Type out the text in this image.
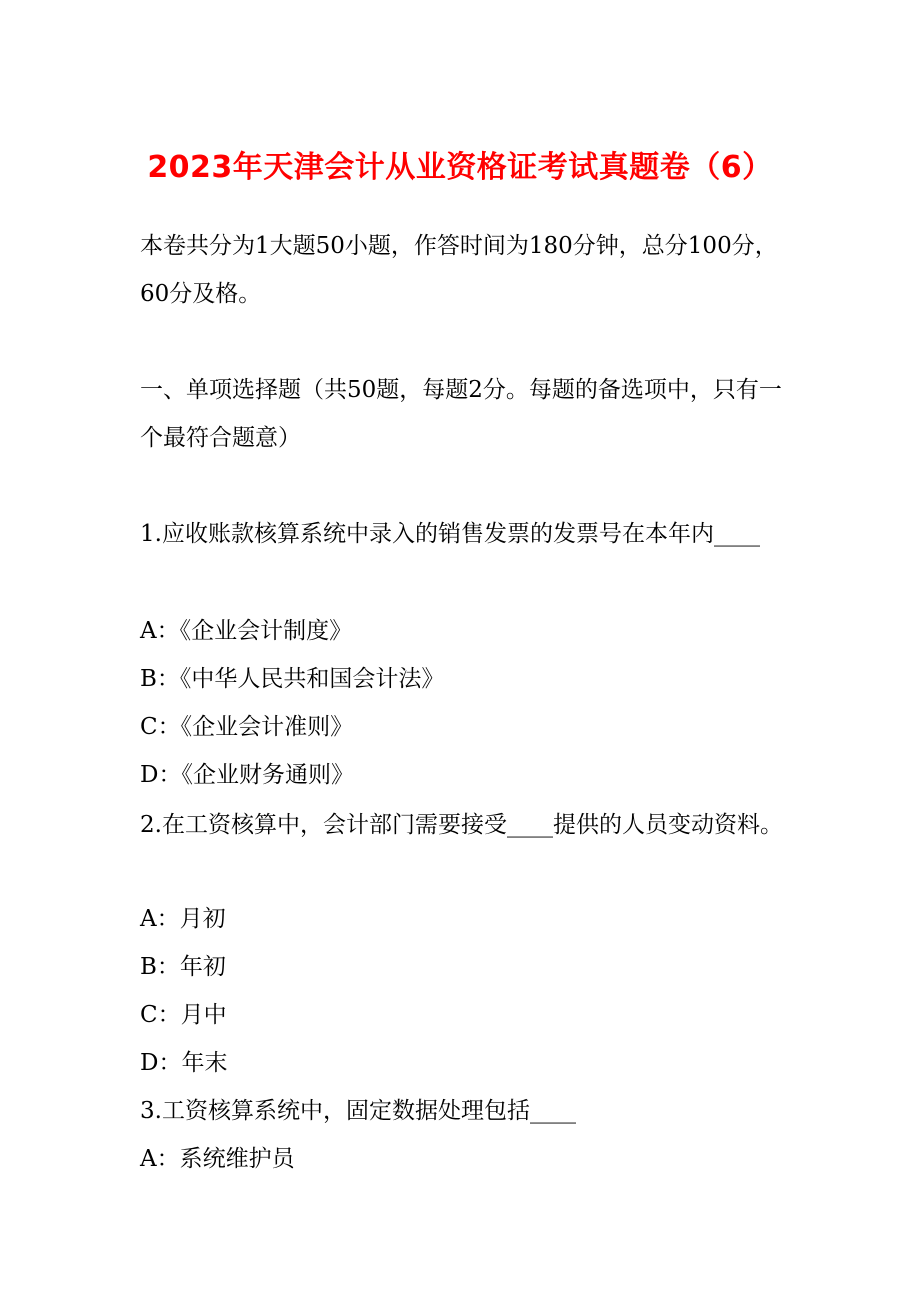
2023年天津会计从业资格证考试真题卷（6）
本卷共分为1大题50小题，作答时间为180分钟，总分100分，60分及格。
一、单项选择题（共50题，每题2分。每题的备选项中，只有一个最符合题意）
1.应收账款核算系统中录入的销售发票的发票号在本年内____
A：《企业会计制度》
B：《中华人民共和国会计法》
C：《企业会计准则》
D：《企业财务通则》
2.在工资核算中，会计部门需要接受____提供的人员变动资料。
A：月初
B：年初
C：月中
D：年末
3.工资核算系统中，固定数据处理包括____
A：系统维护员
